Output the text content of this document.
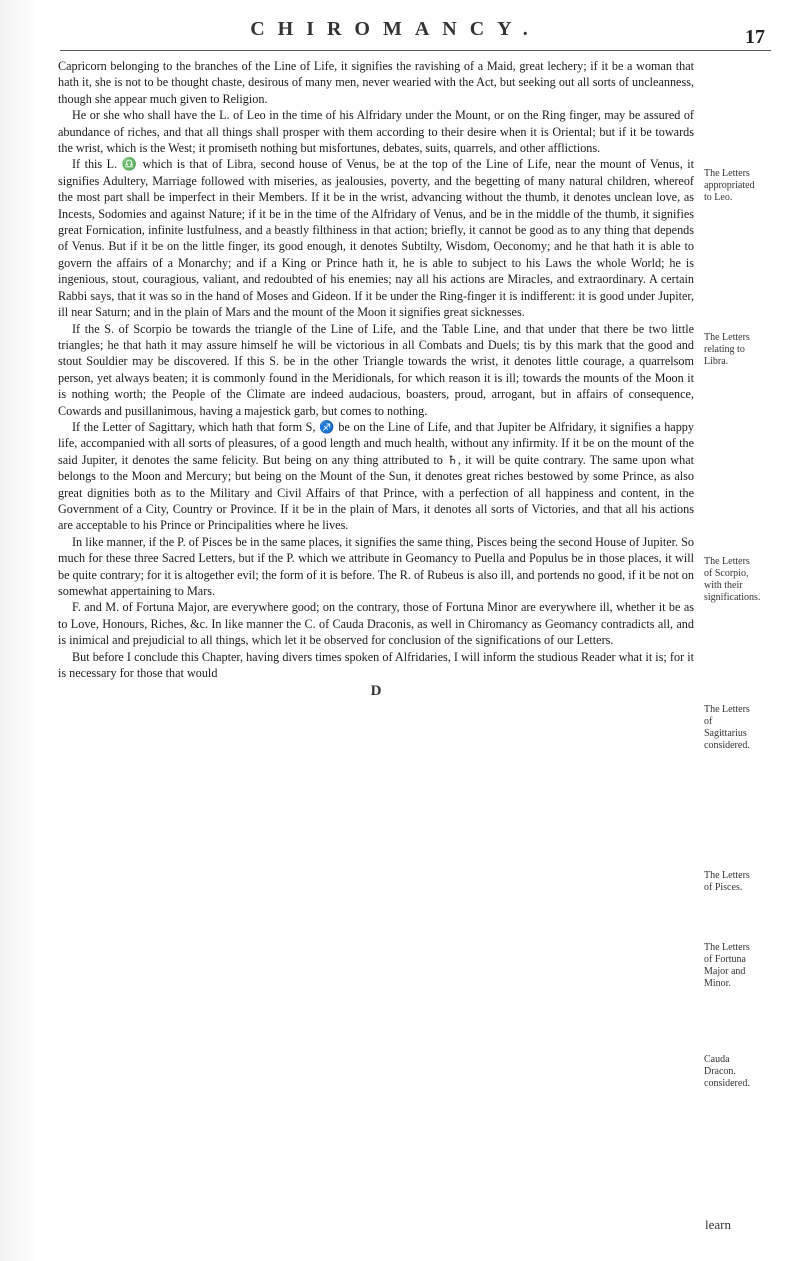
CHIROMANCY.	17

Capricorn belonging to the branches of the Line of Life, it signifies the ravishing of a Maid, great lechery; if it be a woman that hath it, she is not to be thought chaste, desirous of many men, never wearied with the Act, but seeking out all sorts of uncleanness, though she appear much given to Religion.

He or she who shall have the L. of Leo in the time of his Alfridary under the Mount, or on the Ring finger, may be assured of abundance of riches, and that all things shall prosper with them according to their desire when it is Oriental; but if it be towards the wrist, which is the West; it promiseth nothing but misfortunes, debates, suits, quarrels, and other afflictions.

If this L. ♎ which is that of Libra, second house of Venus, be at the top of the Line of Life, near the mount of Venus, it signifies Adultery, Marriage followed with miseries, as jealousies, poverty, and the begetting of many natural children, whereof the most part shall be imperfect in their Members. If it be in the wrist, advancing without the thumb, it denotes unclean love, as Incests, Sodomies and against Nature; if it be in the time of the Alfridary of Venus, and be in the middle of the thumb, it signifies great Fornication, infinite lustfulness, and a beastly filthiness in that action; briefly, it cannot be good as to any thing that depends of Venus. But if it be on the little finger, its good enough, it denotes Subtilty, Wisdom, Oeconomy; and he that hath it is able to govern the affairs of a Monarchy; and if a King or Prince hath it, he is able to subject to his Laws the whole World; he is ingenious, stout, couragious, valiant, and redoubted of his enemies; nay all his actions are Miracles, and extraordinary. A certain Rabbi says, that it was so in the hand of Moses and Gideon. If it be under the Ring-finger it is indifferent: it is good under Jupiter, ill near Saturn; and in the plain of Mars and the mount of the Moon it signifies great sicknesses.

If the S. of Scorpio be towards the triangle of the Line of Life, and the Table Line, and that under that there be two little triangles; he that hath it may assure himself he will be victorious in all Combats and Duels; tis by this mark that the good and stout Souldier may be discovered. If this S. be in the other Triangle towards the wrist, it denotes little courage, a quarrelsom person, yet always beaten; it is commonly found in the Meridionals, for which reason it is ill; towards the mounts of the Moon it is nothing worth; the People of the Climate are indeed audacious, boasters, proud, arrogant, but in affairs of consequence, Cowards and pusillanimous, having a majestick garb, but comes to nothing.

If the Letter of Sagittary, which hath that form S, ♐ be on the Line of Life, and that Jupiter be Alfridary, it signifies a happy life, accompanied with all sorts of pleasures, of a good length and much health, without any infirmity. If it be on the mount of the said Jupiter, it denotes the same felicity. But being on any thing attributed to ♄, it will be quite contrary. The same upon what belongs to the Moon and Mercury; but being on the Mount of the Sun, it denotes great riches bestowed by some Prince, as also great dignities both as to the Military and Civil Affairs of that Prince, with a perfection of all happiness and content, in the Government of a City, Country or Province. If it be in the plain of Mars, it denotes all sorts of Victories, and that all his actions are acceptable to his Prince or Principalities where he lives.

In like manner, if the P. of Pisces be in the same places, it signifies the same thing, Pisces being the second House of Jupiter. So much for these three Sacred Letters, but if the P. which we attribute in Geomancy to Puella and Populus be in those places, it will be quite contrary; for it is altogether evil; the form of it is before. The R. of Rubeus is also ill, and portends no good, if it be not on somewhat appertaining to Mars.

F. and M. of Fortuna Major, are everywhere good; on the contrary, those of Fortuna Minor are everywhere ill, whether it be as to Love, Honours, Riches, &c. In like manner the C. of Cauda Draconis, as well in Chiromancy as Geomancy contradicts all, and is inimical and prejudicial to all things, which let it be observed for conclusion of the significations of our Letters.

But before I conclude this Chapter, having divers times spoken of Alfridaries, I will inform the studious Reader what it is; for it is necessary for those that would

D

The Letters appropriated to Leo.

The Letters relating to Libra.

The Letters of Scorpio, with their significations.

The Letters of Sagittarius considered.

The Letters of Pisces.

The Letters of Fortuna Major and Minor.

Cauda Dracon. considered.

learn
